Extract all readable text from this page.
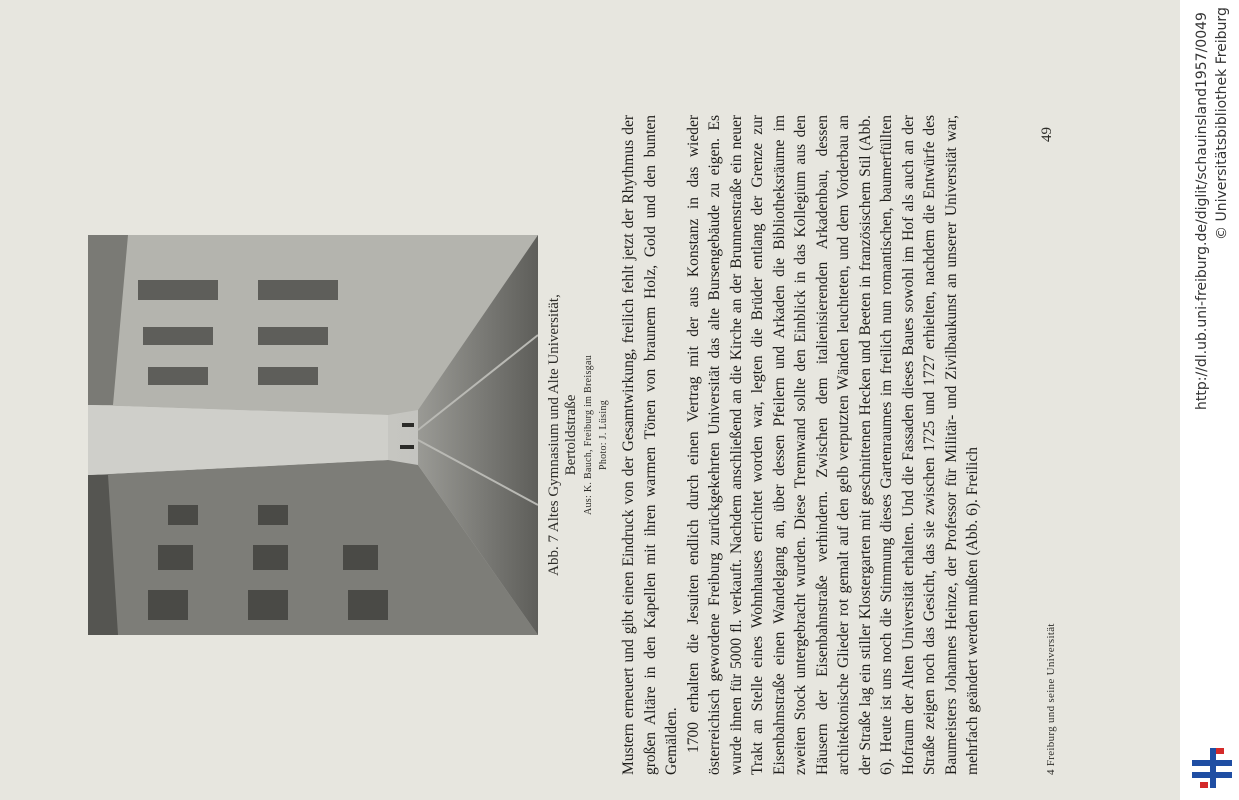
Abb. 7 Altes Gymnasium und Alte Universität, Bertoldstraße Aus: K. Bauch, Freiburg im Breisgau Photo: J. Lüsing Mustern erneuert und gibt einen Eindruck von der Gesamtwirkung, freilich fehlt jetzt der Rhythmus der großen Altäre in den Kapellen mit ihren warmen Tönen von braunem Holz, Gold und den bunten Gemälden. 1700 erhalten die Jesuiten endlich durch einen Vertrag mit der aus Konstanz in das wieder österreichisch gewordene Freiburg zurückgekehrten Universität das alte Bursengebäude zu eigen. Es wurde ihnen für 5000 fl. verkauft. Nachdem anschließend an die Kirche an der Brunnenstraße ein neuer Trakt an Stelle eines Wohnhauses errichtet worden war, legten die Brüder entlang der Grenze zur Eisenbahnstraße einen Wandelgang an, über dessen Pfeilern und Arkaden die Bibliotheksräume im zweiten Stock untergebracht wurden. Diese Trennwand sollte den Einblick in das Kollegium aus den Häusern der Eisenbahnstraße verhindern. Zwischen dem italienisierenden Arkadenbau, dessen architektonische Glieder rot gemalt auf den gelb verputzten Wänden leuchteten, und dem Vorderbau an der Straße lag ein stiller Klostergarten mit geschnittenen Hecken und Beeten in französischem Stil (Abb. 6). Heute ist uns noch die Stimmung dieses Gartenraumes im freilich nun romantischen, baumerfüllten Hofraum der Alten Universität erhalten. Und die Fassaden dieses Baues sowohl im Hof als auch an der Straße zeigen noch das Gesicht, das sie zwischen 1725 und 1727 erhielten, nachdem die Entwürfe des Baumeisters Johannes Heinze, der Professor für Militär- und Zivilbaukunst an unserer Universität war, mehrfach geändert werden mußten (Abb. 6). Freilich	4 Freiburg und seine Universität
49	http://dl.ub.uni-freiburg.de/diglit/schauinsland1957/0049 © Universitätsbibliothek Freiburg
